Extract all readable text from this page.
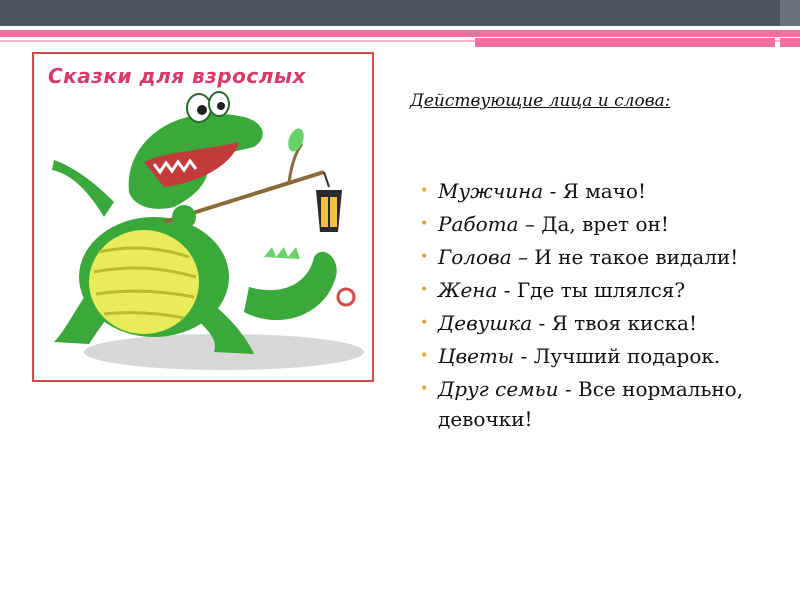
Сказки для взрослых
Действующие лица и слова:
• Мужчина - Я мачо!
• Работа – Да, врет он!
• Голова – И не такое видали!
• Жена - Где ты шлялся?
• Девушка - Я твоя киска!
• Цветы - Лучший подарок.
• Друг семьи - Все нормально, девочки!
